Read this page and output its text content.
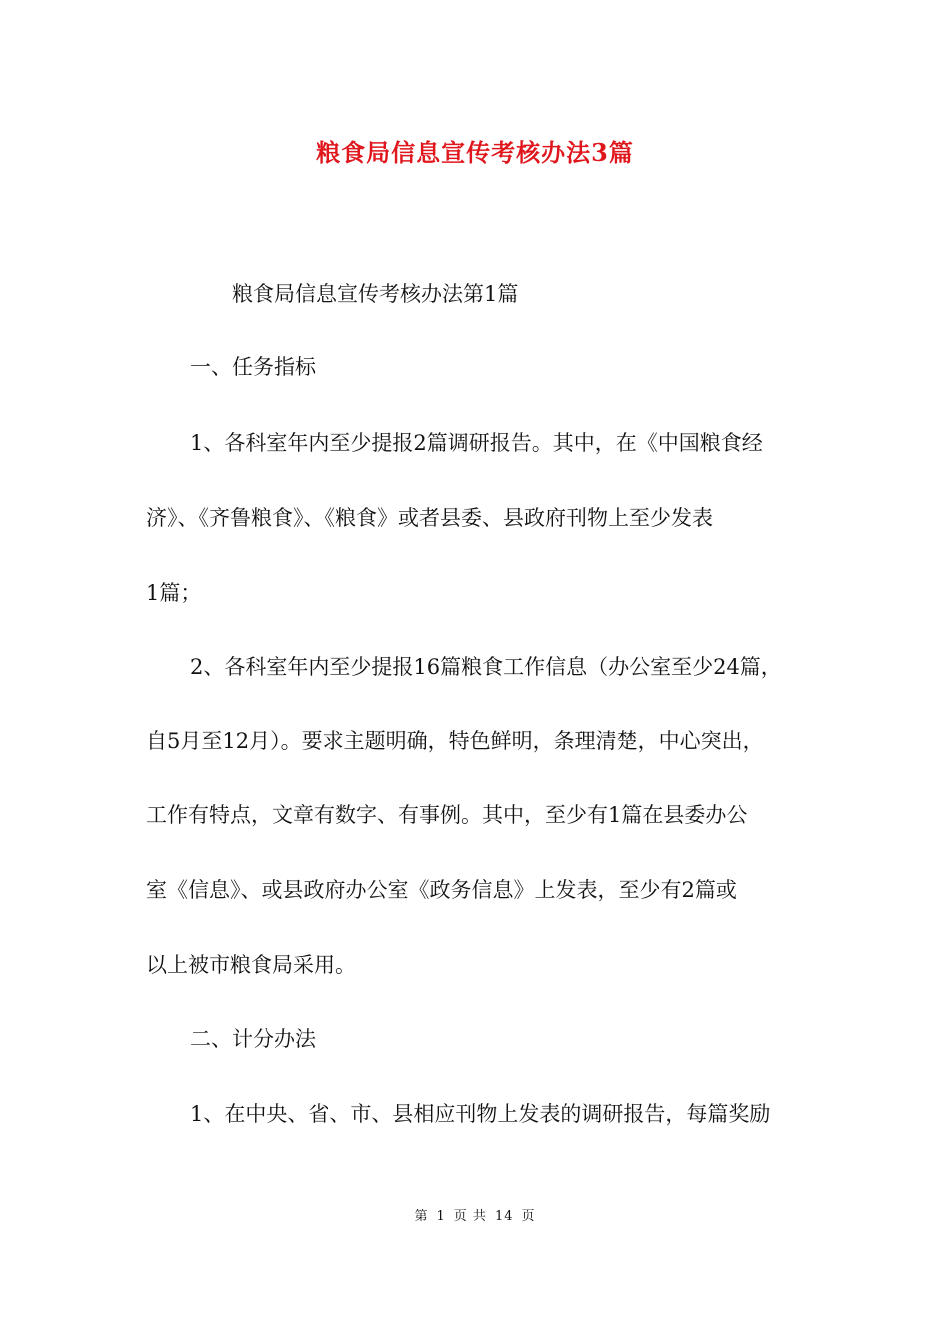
粮食局信息宣传考核办法3篇

粮食局信息宣传考核办法第1篇

一、任务指标

1、各科室年内至少提报2篇调研报告。其中，在《中国粮食经

济》、《齐鲁粮食》、《粮食》或者县委、县政府刊物上至少发表

1篇；

2、各科室年内至少提报16篇粮食工作信息（办公室至少24篇，

自5月至12月）。要求主题明确，特色鲜明，条理清楚，中心突出，

工作有特点，文章有数字、有事例。其中，至少有1篇在县委办公

室《信息》、或县政府办公室《政务信息》上发表，至少有2篇或

以上被市粮食局采用。

二、计分办法

1、在中央、省、市、县相应刊物上发表的调研报告，每篇奖励

第 1 页 共 14 页
